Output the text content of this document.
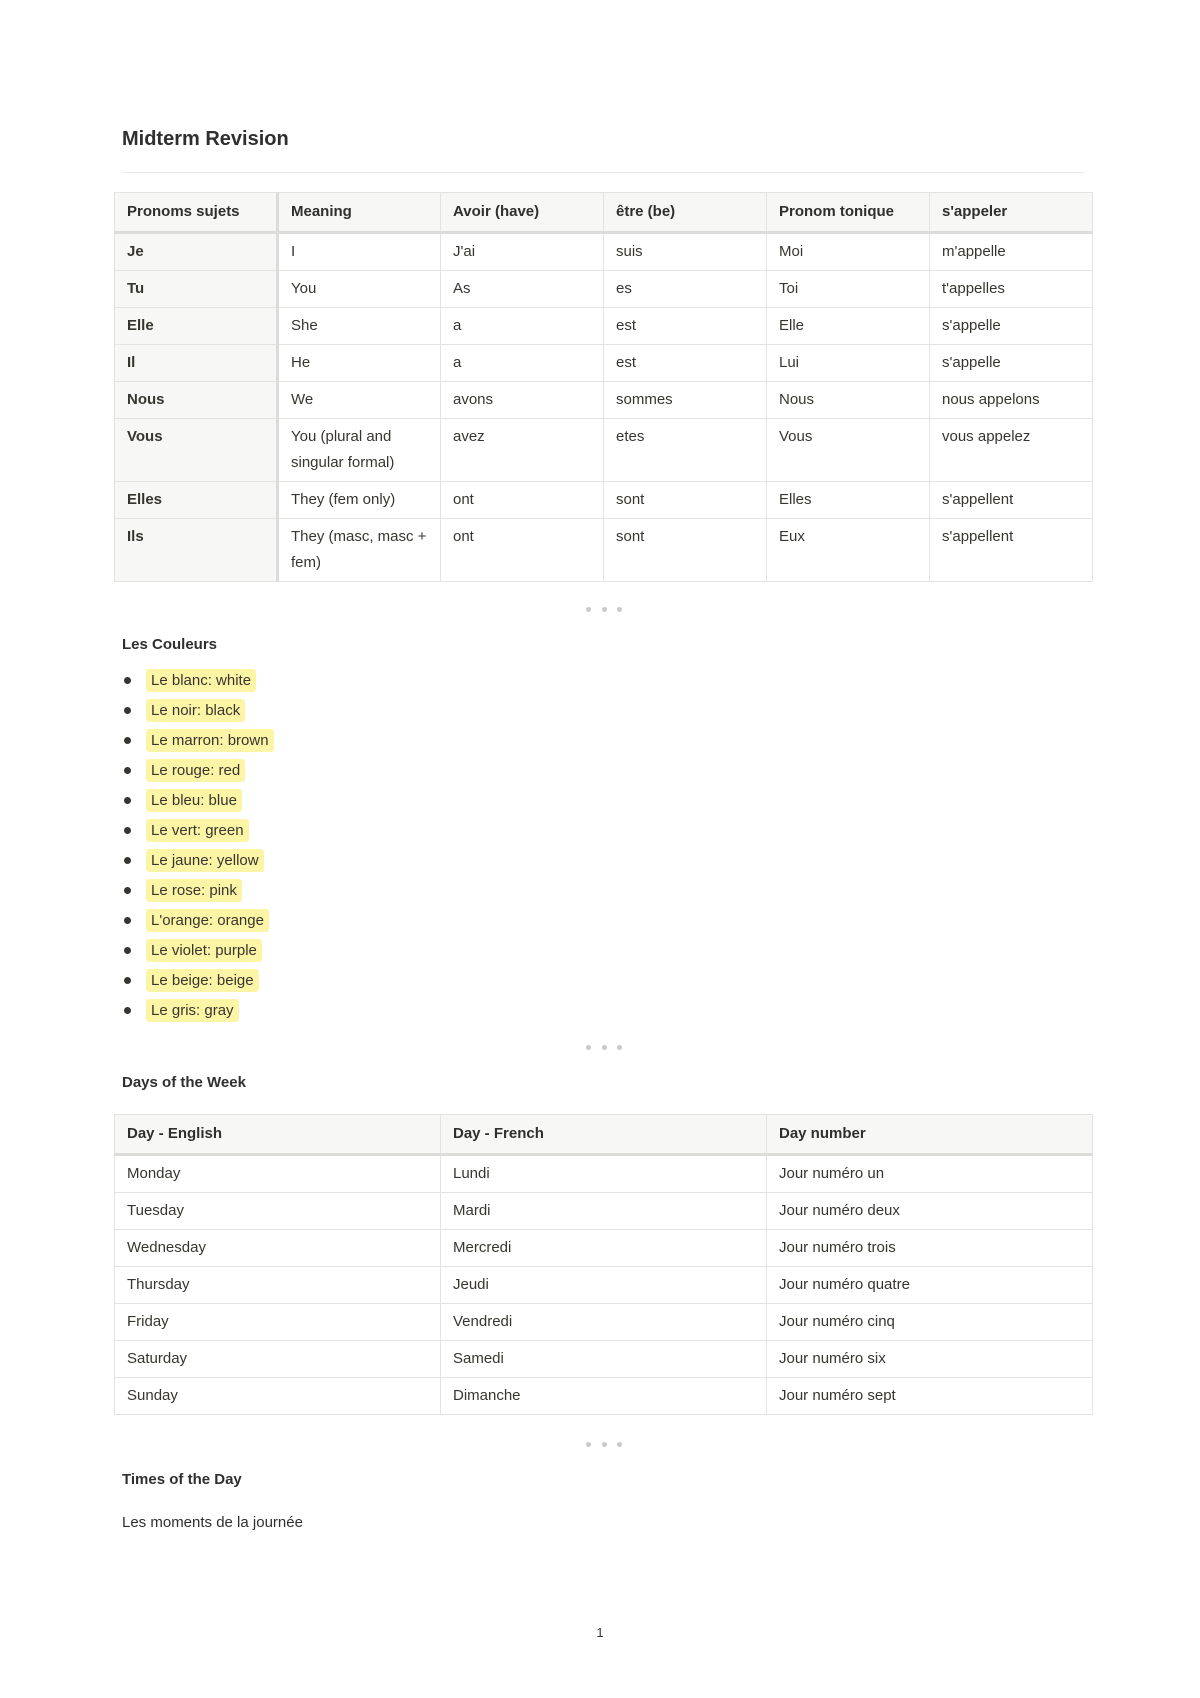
Midterm Revision
Pronoms sujets	Meaning	Avoir (have)	être (be)	Pronom tonique	s'appeler
Je	I	J'ai	suis	Moi	m'appelle
Tu	You	As	es	Toi	t'appelles
Elle	She	a	est	Elle	s'appelle
Il	He	a	est	Lui	s'appelle
Nous	We	avons	sommes	Nous	nous appelons
Vous	You (plural and singular formal)	avez	etes	Vous	vous appelez
Elles	They (fem only)	ont	sont	Elles	s'appellent
Ils	They (masc, masc + fem)	ont	sont	Eux	s'appellent
Les Couleurs
Le blanc: white
Le noir: black
Le marron: brown
Le rouge: red
Le bleu: blue
Le vert: green
Le jaune: yellow
Le rose: pink
L'orange: orange
Le violet: purple
Le beige: beige
Le gris: gray
Days of the Week
Day - English	Day - French	Day number
Monday	Lundi	Jour numéro un
Tuesday	Mardi	Jour numéro deux
Wednesday	Mercredi	Jour numéro trois
Thursday	Jeudi	Jour numéro quatre
Friday	Vendredi	Jour numéro cinq
Saturday	Samedi	Jour numéro six
Sunday	Dimanche	Jour numéro sept
Times of the Day

Les moments de la journée

1
